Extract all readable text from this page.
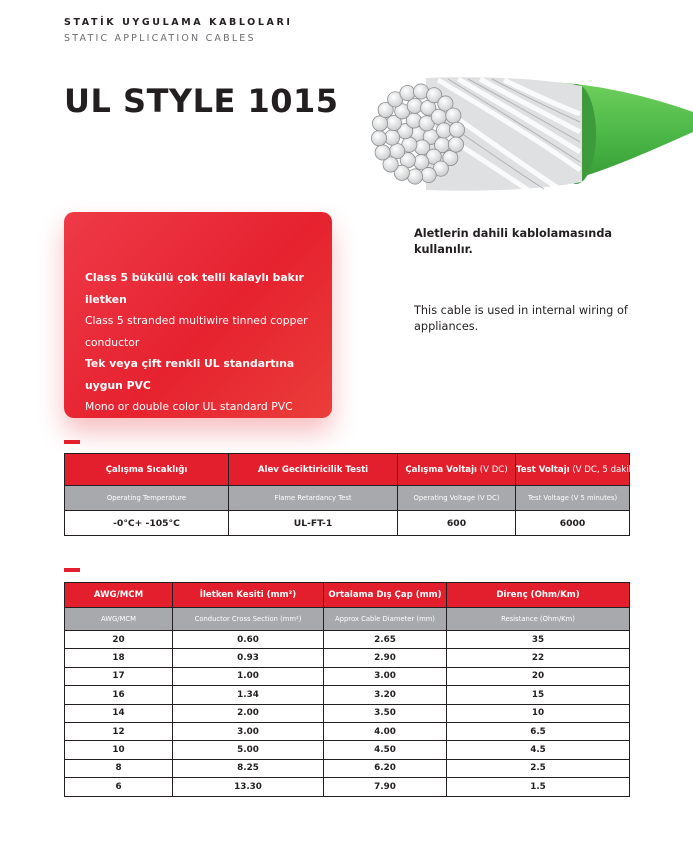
STATİK UYGULAMA KABLOLARI
STATIC APPLICATION CABLES
UL STYLE 1015
Class 5 bükülü çok telli kalaylı bakır iletken
Class 5 stranded multiwire tinned copper conductor
Tek veya çift renkli UL standartına uygun PVC
Mono or double color UL standard PVC
Aletlerin dahili kablolamasında kullanılır.
This cable is used in internal wiring of appliances.
Çalışma Sıcaklığı	Alev Geciktiricilik Testi	Çalışma Voltajı (V DC)	Test Voltajı (V DC, 5 dakika)
Operating Temperature	Flame Retardancy Test	Operating Voltage (V DC)	Test Voltage (V 5 minutes)
-0°C+ -105°C	UL-FT-1	600	6000
AWG/MCM	İletken Kesiti (mm²)	Ortalama Dış Çap (mm)	Direnç (Ohm/Km)
AWG/MCM	Conductor Cross Section (mm²)	Approx Cable Diameter (mm)	Resistance (Ohm/Km)
20	0.60	2.65	35
18	0.93	2.90	22
17	1.00	3.00	20
16	1.34	3.20	15
14	2.00	3.50	10
12	3.00	4.00	6.5
10	5.00	4.50	4.5
8	8.25	6.20	2.5
6	13.30	7.90	1.5
